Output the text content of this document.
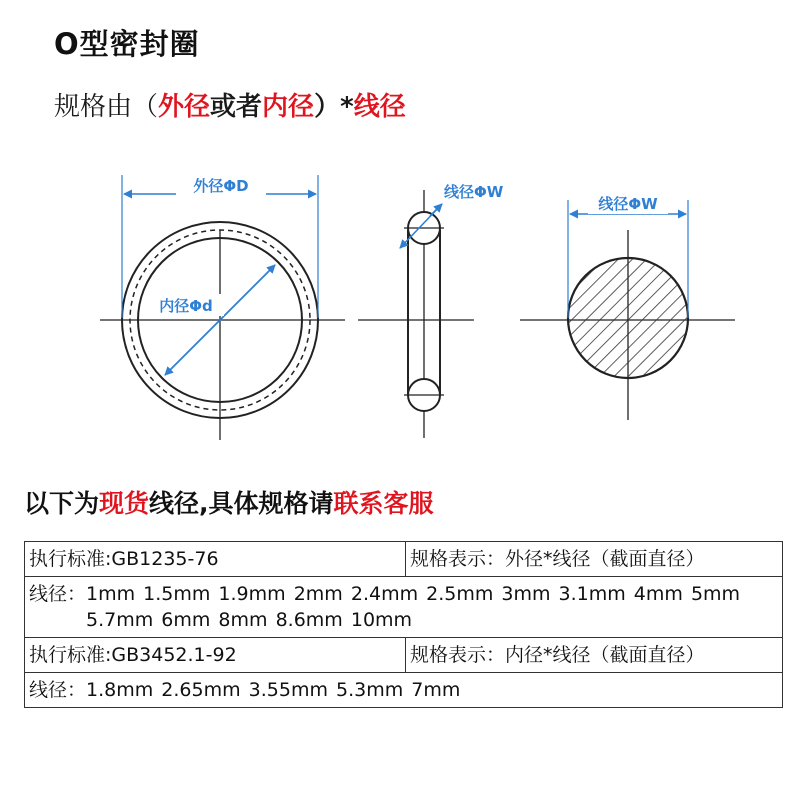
O型密封圈
规格由（外径或者内径）*线径
外径ΦD
内径Φd
线径ΦW
线径ΦW
以下为现货线径,具体规格请联系客服
执行标准:GB1235-76	规格表示：外径*线径（截面直径）

线径： 1mm 1.5mm 1.9mm 2mm 2.4mm 2.5mm 3mm 3.1mm 4mm 5mm 5.7mm 6mm 8mm 8.6mm 10mm	

执行标准:GB3452.1-92	规格表示：内径*线径（截面直径）

线径： 1.8mm 2.65mm 3.55mm 5.3mm 7mm	
